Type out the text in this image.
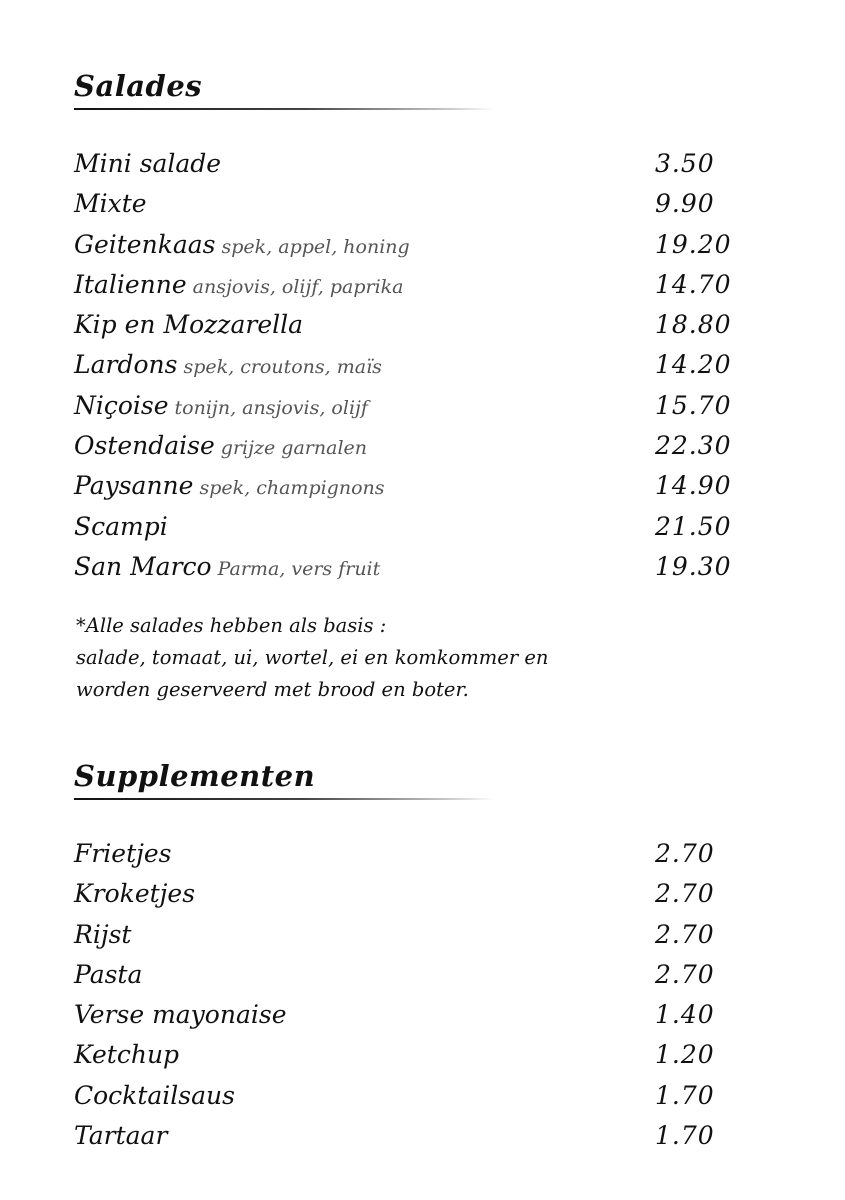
Salades
Mini salade	3.50
Mixte	9.90
Geitenkaas spek, appel, honing	19.20
Italienne ansjovis, olijf, paprika	14.70
Kip en Mozzarella	18.80
Lardons spek, croutons, maïs	14.20
Niçoise tonijn, ansjovis, olijf	15.70
Ostendaise grijze garnalen	22.30
Paysanne spek, champignons	14.90
Scampi	21.50
San Marco Parma, vers fruit	19.30

*Alle salades hebben als basis :
salade, tomaat, ui, wortel, ei en komkommer en
worden geserveerd met brood en boter.

Supplementen
Frietjes	2.70
Kroketjes	2.70
Rijst	2.70
Pasta	2.70
Verse mayonaise	1.40
Ketchup	1.20
Cocktailsaus	1.70
Tartaar	1.70
